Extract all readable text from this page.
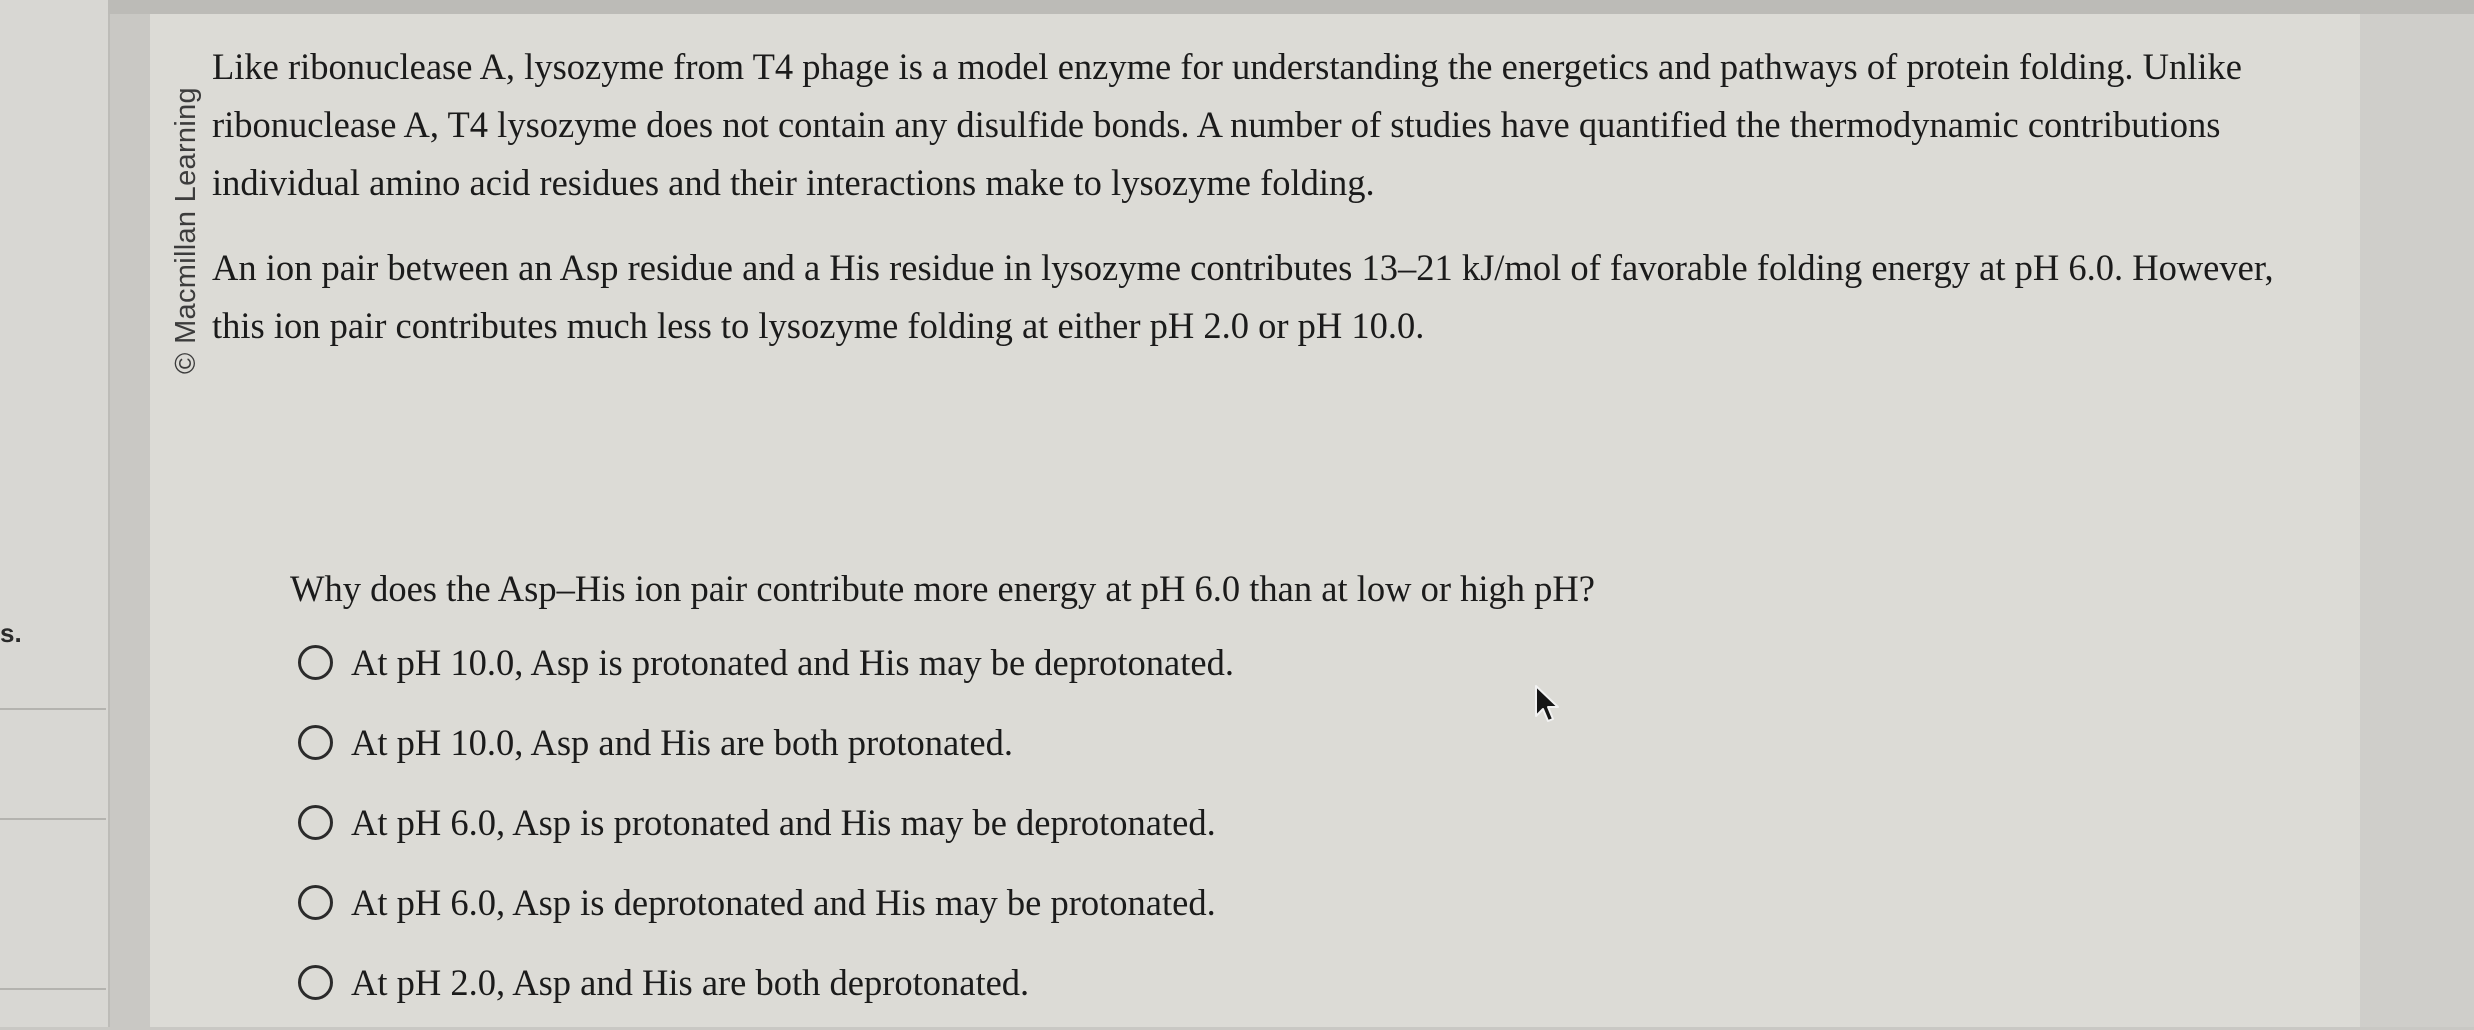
s.
© Macmillan Learning

Like ribonuclease A, lysozyme from T4 phage is a model enzyme for understanding the energetics and pathways of protein folding. Unlike ribonuclease A, T4 lysozyme does not contain any disulfide bonds. A number of studies have quantified the thermodynamic contributions individual amino acid residues and their interactions make to lysozyme folding.

An ion pair between an Asp residue and a His residue in lysozyme contributes 13–21 kJ/mol of favorable folding energy at pH 6.0. However, this ion pair contributes much less to lysozyme folding at either pH 2.0 or pH 10.0.

Why does the Asp–His ion pair contribute more energy at pH 6.0 than at low or high pH?
At pH 10.0, Asp is protonated and His may be deprotonated.
At pH 10.0, Asp and His are both protonated.
At pH 6.0, Asp is protonated and His may be deprotonated.
At pH 6.0, Asp is deprotonated and His may be protonated.
At pH 2.0, Asp and His are both deprotonated.
